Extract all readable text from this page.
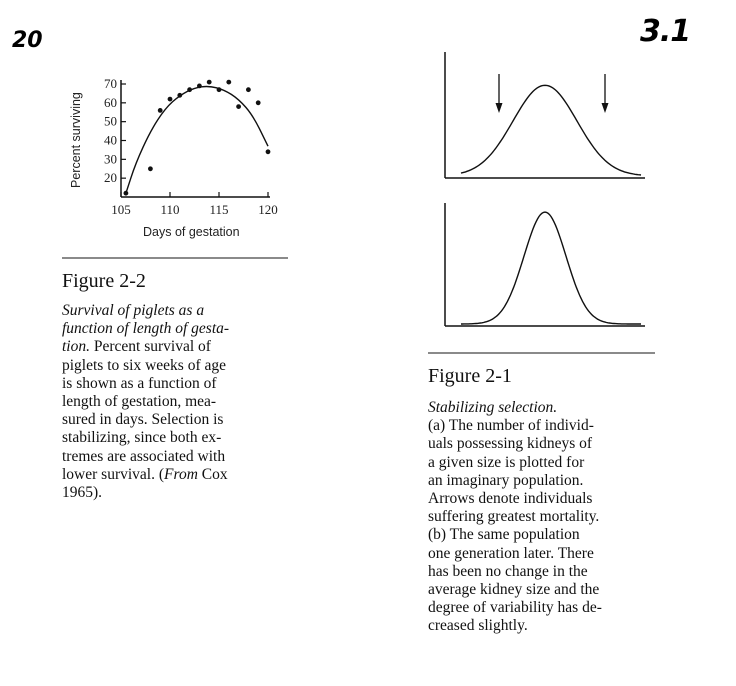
20	3.1
20
30
40
50
60
70
105 110 115 120
Percent surviving
Days of gestation
Figure 2-2
Survival of piglets as a
function of length of gesta-
tion. Percent survival of
piglets to six weeks of age
is shown as a function of
length of gestation, mea-
sured in days. Selection is
stabilizing, since both ex-
tremes are associated with
lower survival. (From Cox
1965).
Figure 2-1
Stabilizing selection.
(a) The number of individ-
uals possessing kidneys of
a given size is plotted for
an imaginary population.
Arrows denote individuals
suffering greatest mortality.
(b) The same population
one generation later. There
has been no change in the
average kidney size and the
degree of variability has de-
creased slightly.
